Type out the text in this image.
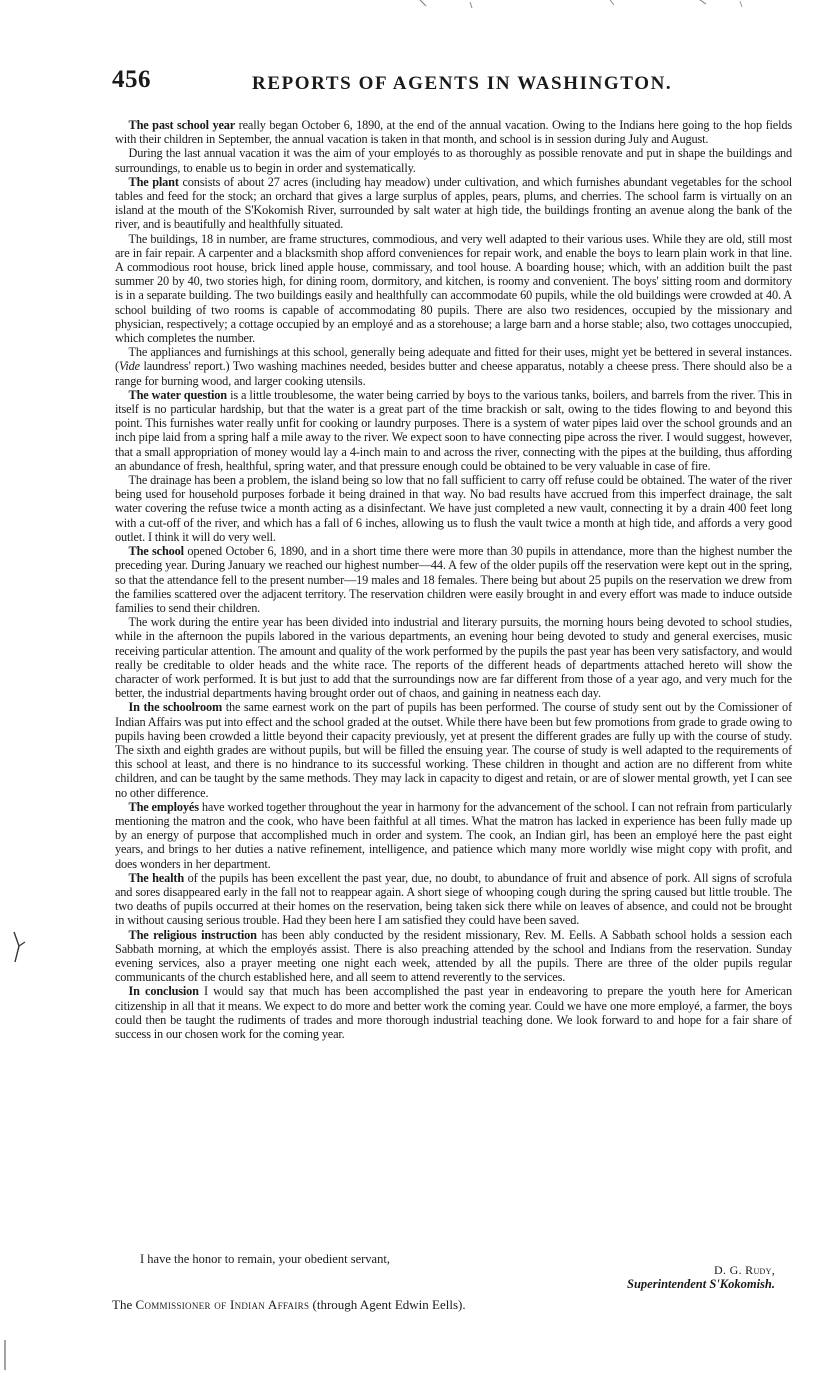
456	REPORTS OF AGENTS IN WASHINGTON.

The past school year really began October 6, 1890, at the end of the annual vacation. Owing to the Indians here going to the hop fields with their children in September, the annual vacation is taken in that month, and school is in session during July and August.

During the last annual vacation it was the aim of your employés to as thoroughly as possible renovate and put in shape the buildings and surroundings, to enable us to begin in order and systematically.

The plant consists of about 27 acres (including hay meadow) under cultivation, and which furnishes abundant vegetables for the school tables and feed for the stock; an orchard that gives a large surplus of apples, pears, plums, and cherries. The school farm is virtually on an island at the mouth of the S'Kokomish River, surrounded by salt water at high tide, the buildings fronting an avenue along the bank of the river, and is beautifully and healthfully situated.

The buildings, 18 in number, are frame structures, commodious, and very well adapted to their various uses. While they are old, still most are in fair repair. A carpenter and a blacksmith shop afford conveniences for repair work, and enable the boys to learn plain work in that line. A commodious root house, brick lined apple house, commissary, and tool house. A boarding house; which, with an addition built the past summer 20 by 40, two stories high, for dining room, dormitory, and kitchen, is roomy and convenient. The boys' sitting room and dormitory is in a separate building. The two buildings easily and healthfully can accommodate 60 pupils, while the old buildings were crowded at 40. A school building of two rooms is capable of accommodating 80 pupils. There are also two residences, occupied by the missionary and physician, respectively; a cottage occupied by an employé and as a storehouse; a large barn and a horse stable; also, two cottages unoccupied, which completes the number.

The appliances and furnishings at this school, generally being adequate and fitted for their uses, might yet be bettered in several instances. (Vide laundress' report.) Two washing machines needed, besides butter and cheese apparatus, notably a cheese press. There should also be a range for burning wood, and larger cooking utensils.

The water question is a little troublesome, the water being carried by boys to the various tanks, boilers, and barrels from the river. This in itself is no particular hardship, but that the water is a great part of the time brackish or salt, owing to the tides flowing to and beyond this point. This furnishes water really unfit for cooking or laundry purposes. There is a system of water pipes laid over the school grounds and an inch pipe laid from a spring half a mile away to the river. We expect soon to have connecting pipe across the river. I would suggest, however, that a small appropriation of money would lay a 4-inch main to and across the river, connecting with the pipes at the building, thus affording an abundance of fresh, healthful, spring water, and that pressure enough could be obtained to be very valuable in case of fire.

The drainage has been a problem, the island being so low that no fall sufficient to carry off refuse could be obtained. The water of the river being used for household purposes forbade it being drained in that way. No bad results have accrued from this imperfect drainage, the salt water covering the refuse twice a month acting as a disinfectant. We have just completed a new vault, connecting it by a drain 400 feet long with a cut-off of the river, and which has a fall of 6 inches, allowing us to flush the vault twice a month at high tide, and affords a very good outlet. I think it will do very well.

The school opened October 6, 1890, and in a short time there were more than 30 pupils in attendance, more than the highest number the preceding year. During January we reached our highest number—44. A few of the older pupils off the reservation were kept out in the spring, so that the attendance fell to the present number—19 males and 18 females. There being but about 25 pupils on the reservation we drew from the families scattered over the adjacent territory. The reservation children were easily brought in and every effort was made to induce outside families to send their children.

The work during the entire year has been divided into industrial and literary pursuits, the morning hours being devoted to school studies, while in the afternoon the pupils labored in the various departments, an evening hour being devoted to study and general exercises, music receiving particular attention. The amount and quality of the work performed by the pupils the past year has been very satisfactory, and would really be creditable to older heads and the white race. The reports of the different heads of departments attached hereto will show the character of work performed. It is but just to add that the surroundings now are far different from those of a year ago, and very much for the better, the industrial departments having brought order out of chaos, and gaining in neatness each day.

In the schoolroom the same earnest work on the part of pupils has been performed. The course of study sent out by the Comissioner of Indian Affairs was put into effect and the school graded at the outset. While there have been but few promotions from grade to grade owing to pupils having been crowded a little beyond their capacity previously, yet at present the different grades are fully up with the course of study. The sixth and eighth grades are without pupils, but will be filled the ensuing year. The course of study is well adapted to the requirements of this school at least, and there is no hindrance to its successful working. These children in thought and action are no different from white children, and can be taught by the same methods. They may lack in capacity to digest and retain, or are of slower mental growth, yet I can see no other difference.

The employés have worked together throughout the year in harmony for the advancement of the school. I can not refrain from particularly mentioning the matron and the cook, who have been faithful at all times. What the matron has lacked in experience has been fully made up by an energy of purpose that accomplished much in order and system. The cook, an Indian girl, has been an employé here the past eight years, and brings to her duties a native refinement, intelligence, and patience which many more worldly wise might copy with profit, and does wonders in her department.

The health of the pupils has been excellent the past year, due, no doubt, to abundance of fruit and absence of pork. All signs of scrofula and sores disappeared early in the fall not to reappear again. A short siege of whooping cough during the spring caused but little trouble. The two deaths of pupils occurred at their homes on the reservation, being taken sick there while on leaves of absence, and could not be brought in without causing serious trouble. Had they been here I am satisfied they could have been saved.

The religious instruction has been ably conducted by the resident missionary, Rev. M. Eells. A Sabbath school holds a session each Sabbath morning, at which the employés assist. There is also preaching attended by the school and Indians from the reservation. Sunday evening services, also a prayer meeting one night each week, attended by all the pupils. There are three of the older pupils regular communicants of the church established here, and all seem to attend reverently to the services.

In conclusion I would say that much has been accomplished the past year in endeavoring to prepare the youth here for American citizenship in all that it means. We expect to do more and better work the coming year. Could we have one more employé, a farmer, the boys could then be taught the rudiments of trades and more thorough industrial teaching done. We look forward to and hope for a fair share of success in our chosen work for the coming year.

I have the honor to remain, your obedient servant,
D. G. Rudy,
Superintendent S'Kokomish.
The Commissioner of Indian Affairs (through Agent Edwin Eells).
